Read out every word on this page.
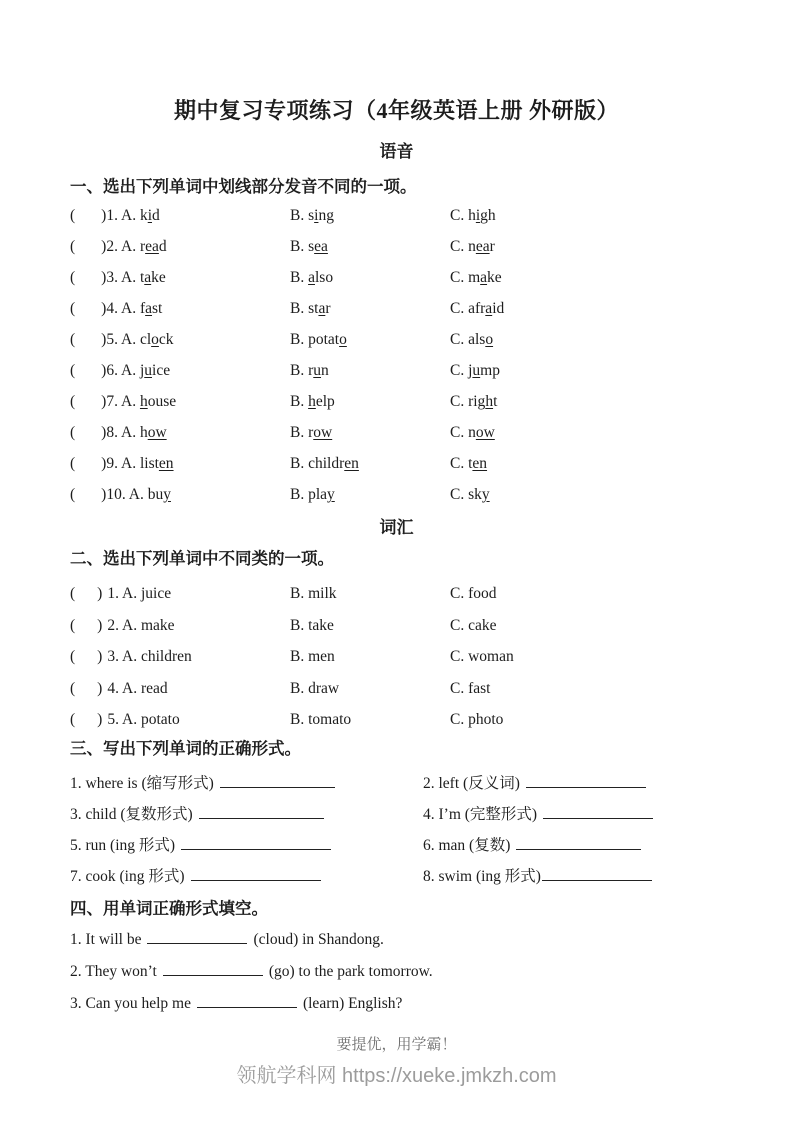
期中复习专项练习（4年级英语上册 外研版）
语音
一、选出下列单词中划线部分发音不同的一项。
( )1. A. kid	B. sing	C. high
( )2. A. read	B. sea	C. near
( )3. A. take	B. also	C. make
( )4. A. fast	B. star	C. afraid
( )5. A. clock	B. potato	C. also
( )6. A. juice	B. run	C. jump
( )7. A. house	B. help	C. right
( )8. A. how	B. row	C. now
( )9. A. listen	B. children	C. ten
( )10. A. buy	B. play	C. sky
词汇
二、选出下列单词中不同类的一项。
( ) 1. A. juice	B. milk	C. food
( ) 2. A. make	B. take	C. cake
( ) 3. A. children	B. men	C. woman
( ) 4. A. read	B. draw	C. fast
( ) 5. A. potato	B. tomato	C. photo
三、写出下列单词的正确形式。
1. where is (缩写形式)	2. left (反义词)
3. child (复数形式)	4. I’m (完整形式)
5. run (ing 形式)	6. man (复数)
7. cook (ing 形式)	8. swim (ing 形式)
四、用单词正确形式填空。
1. It will be	(cloud) in Shandong.
2. They won’t	(go) to the park tomorrow.
3. Can you help me	(learn) English?
要提优，用学霸！
领航学科网 https://xueke.jmkzh.com
